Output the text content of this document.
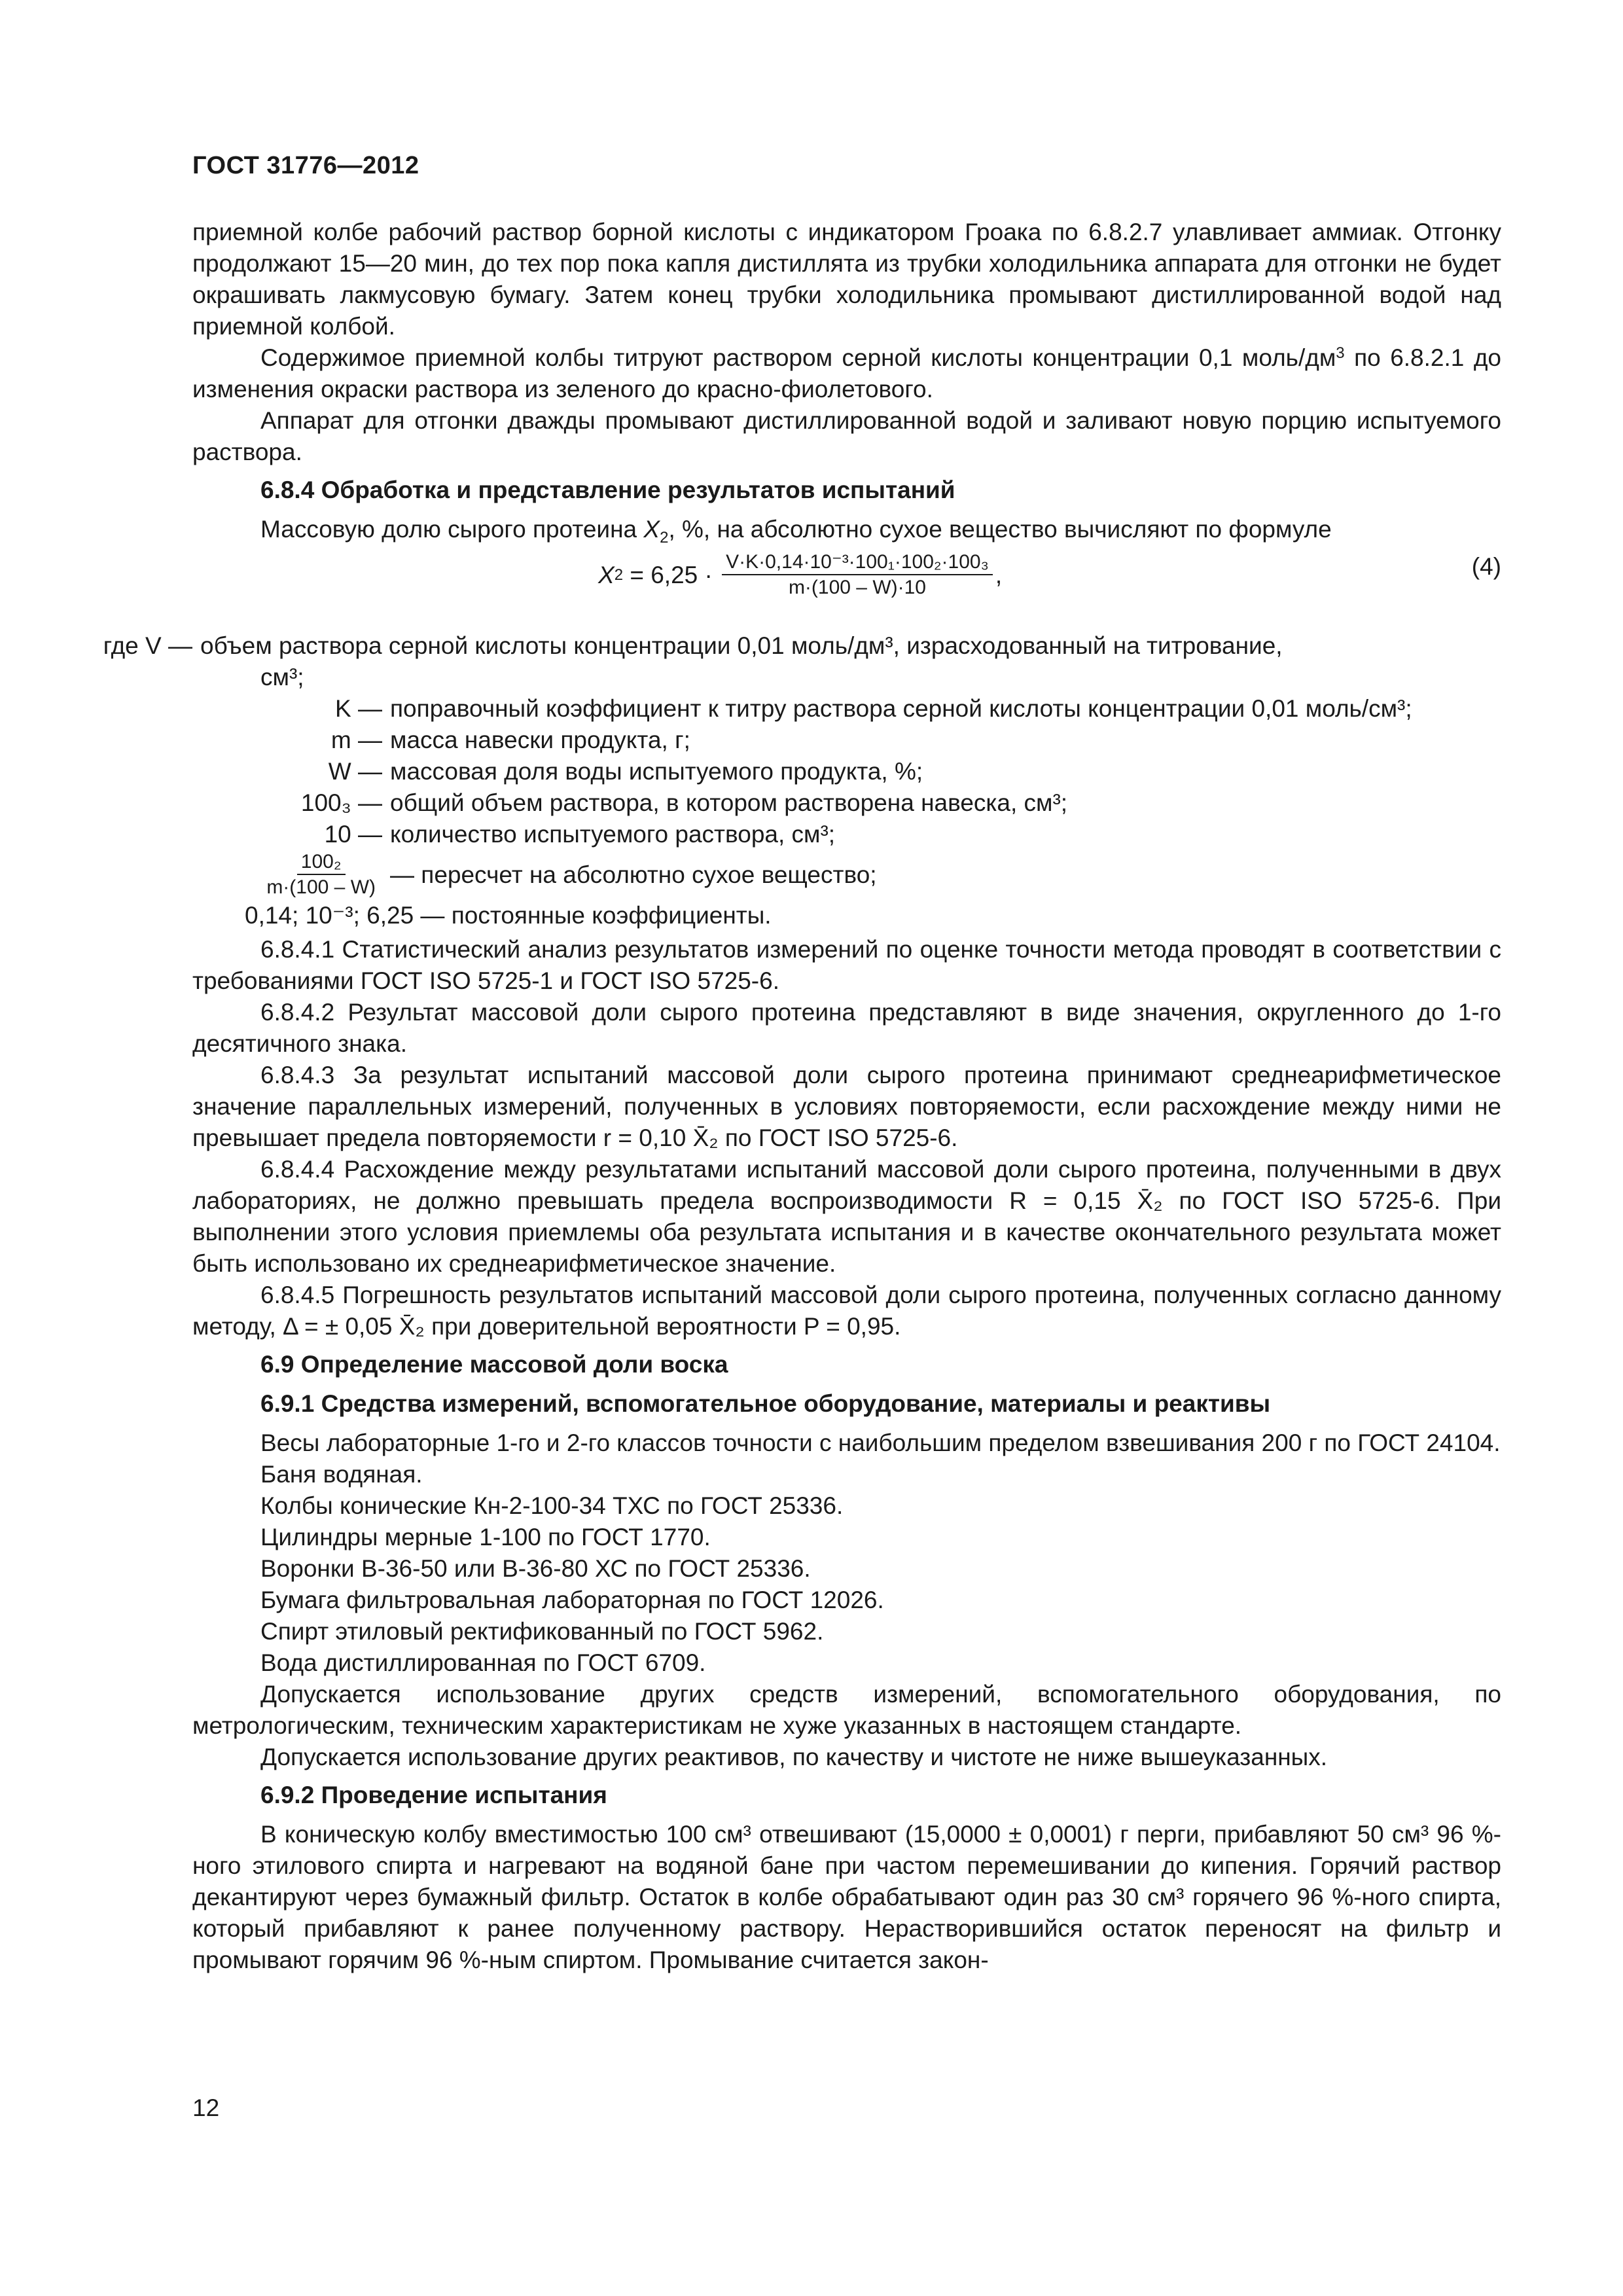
ГОСТ 31776—2012

приемной колбе рабочий раствор борной кислоты с индикатором Гроака по 6.8.2.7 улавливает аммиак. Отгонку продолжают 15—20 мин, до тех пор пока капля дистиллята из трубки холодильника аппарата для отгонки не будет окрашивать лакмусовую бумагу. Затем конец трубки холодильника промывают дистиллированной водой над приемной колбой.

Содержимое приемной колбы титруют раствором серной кислоты концентрации 0,1 моль/$дм^3$ по 6.8.2.1 до изменения окраски раствора из зеленого до красно-фиолетового.

Аппарат для отгонки дважды промывают дистиллированной водой и заливают новую порцию испытуемого раствора.

6.8.4 Обработка и представление результатов испытаний

Массовую долю сырого протеина $X_2$, %, на абсолютно сухое вещество вычисляют по формуле

X $2 = 6,25 \cdot \frac{\text{V·K·0,14·10⁻³·100₁·100₂·100₃}}{m\cdot(100 - W)\cdot 10}$ ,	(4)
где V — объем раствора серной кислоты концентрации 0,01 моль/дм³, израсходованный на титрование,
см³;
K — поправочный коэффициент к титру раствора серной кислоты концентрации 0,01 моль/см³;
m — масса навески продукта, г;
W — массовая доля воды испытуемого продукта, %;
100₃ — общий объем раствора, в котором растворена навеска, см³;
10 — количество испытуемого раствора, см³;
$\frac{\text{100₂}}{m\cdot(100 - W)}$ — пересчет на абсолютно сухое вещество;
0,14; 10⁻³; 6,25 — постоянные коэффициенты.

6.8.4.1 Статистический анализ результатов измерений по оценке точности метода проводят в соответствии с требованиями ГОСТ ISO 5725-1 и ГОСТ ISO 5725-6.

6.8.4.2 Результат массовой доли сырого протеина представляют в виде значения, округленного до 1-го десятичного знака.

6.8.4.3 За результат испытаний массовой доли сырого протеина принимают среднеарифметическое значение параллельных измерений, полученных в условиях повторяемости, если расхождение между ними не превышает предела повторяемости r = 0,10 X̄₂ по ГОСТ ISO 5725-6.

6.8.4.4 Расхождение между результатами испытаний массовой доли сырого протеина, полученными в двух лабораториях, не должно превышать предела воспроизводимости R = 0,15 X̄₂ по ГОСТ ISO 5725-6. При выполнении этого условия приемлемы оба результата испытания и в качестве окончательного результата может быть использовано их среднеарифметическое значение.

6.8.4.5 Погрешность результатов испытаний массовой доли сырого протеина, полученных согласно данному методу, Δ = ± 0,05 X̄₂ при доверительной вероятности P = 0,95.

6.9 Определение массовой доли воска

6.9.1 Средства измерений, вспомогательное оборудование, материалы и реактивы

Весы лабораторные 1-го и 2-го классов точности с наибольшим пределом взвешивания 200 г по ГОСТ 24104.

Баня водяная.

Колбы конические Кн-2-100-34 ТХС по ГОСТ 25336.

Цилиндры мерные 1-100 по ГОСТ 1770.

Воронки В-36-50 или В-36-80 ХС по ГОСТ 25336.

Бумага фильтровальная лабораторная по ГОСТ 12026.

Спирт этиловый ректификованный по ГОСТ 5962.

Вода дистиллированная по ГОСТ 6709.

Допускается использование других средств измерений, вспомогательного оборудования, по метрологическим, техническим характеристикам не хуже указанных в настоящем стандарте.

Допускается использование других реактивов, по качеству и чистоте не ниже вышеуказанных.

6.9.2 Проведение испытания

В коническую колбу вместимостью 100 см³ отвешивают (15,0000 ± 0,0001) г перги, прибавляют 50 см³ 96 %-ного этилового спирта и нагревают на водяной бане при частом перемешивании до кипения. Горячий раствор декантируют через бумажный фильтр. Остаток в колбе обрабатывают один раз 30 см³ горячего 96 %-ного спирта, который прибавляют к ранее полученному раствору. Нерастворившийся остаток переносят на фильтр и промывают горячим 96 %-ным спиртом. Промывание считается закон-

12
